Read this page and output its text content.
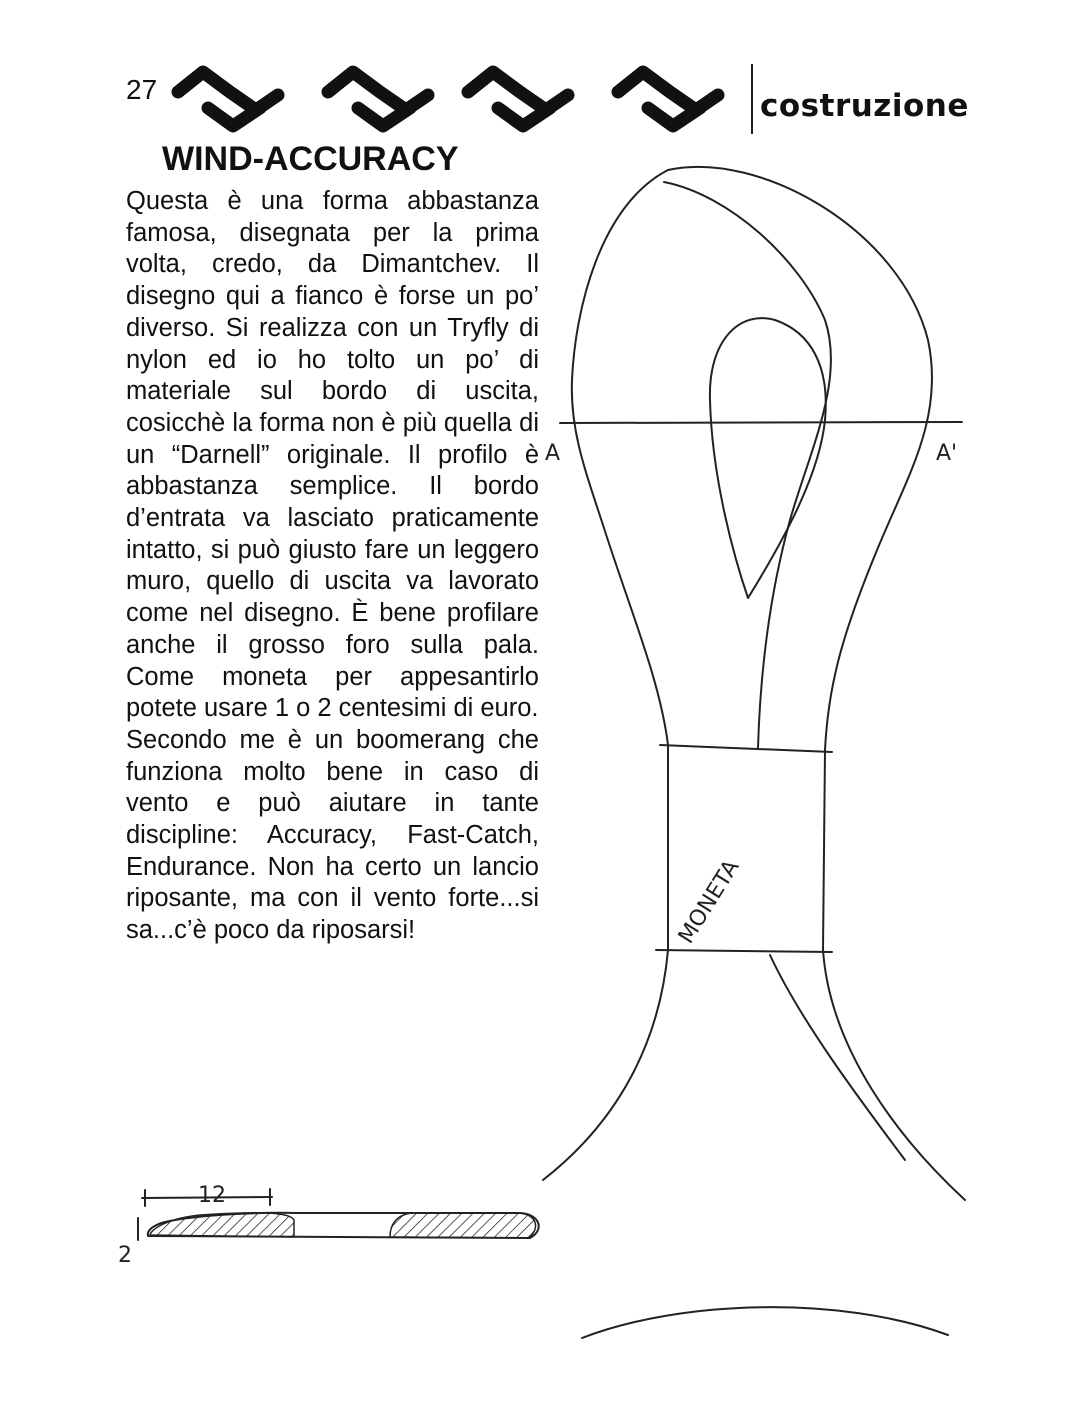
27	costruzione
WIND-ACCURACY

Questa è una forma abbastanza famosa, disegnata per la prima volta, credo, da Dimantchev. Il disegno qui a fianco è forse un po’ diverso. Si realizza con un Tryfly di nylon ed io ho tolto un po’ di materiale sul bordo di uscita, cosicchè la forma non è più quella di un “Darnell” originale. Il profilo è abbastanza semplice. Il bordo d’entrata va lasciato praticamente intatto, si può giusto fare un leggero muro, quello di uscita va lavorato come nel disegno. È bene profilare anche il grosso foro sulla pala. Come moneta per appesantirlo potete usare 1 o 2 centesimi di euro.

Secondo me è un boomerang che funziona molto bene in caso di vento e può aiutare in tante discipline: Accuracy, Fast-Catch, Endurance. Non ha certo un lancio riposante, ma con il vento forte...si sa...c’è poco da riposarsi!

A	A'
MONETA
12
2
